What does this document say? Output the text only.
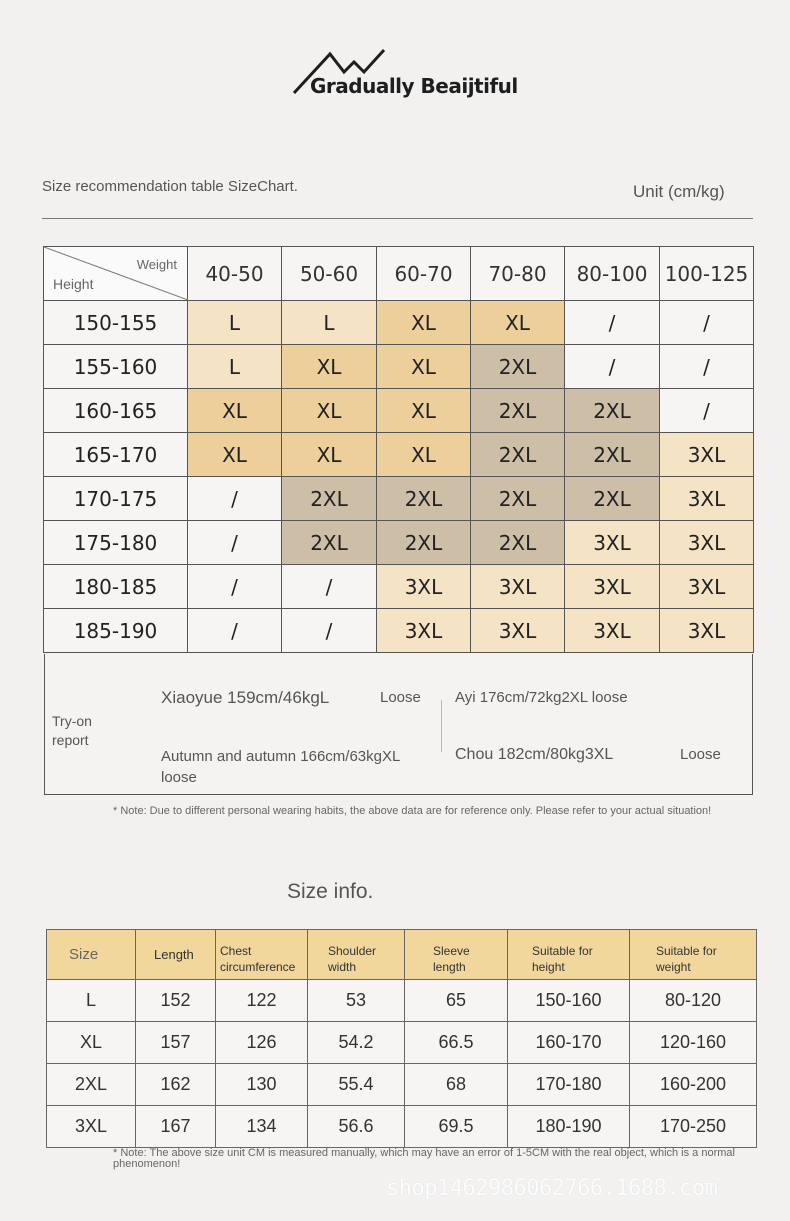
Gradually Beaijtiful
Size recommendation table SizeChart.	Unit (cm/kg)
Weight
Height	40-50	50-60	60-70	70-80	80-100	100-125
150-155	L	L	XL	XL	/	/
155-160	L	XL	XL	2XL	/	/
160-165	XL	XL	XL	2XL	2XL	/
165-170	XL	XL	XL	2XL	2XL	3XL
170-175	/	2XL	2XL	2XL	2XL	3XL
175-180	/	2XL	2XL	2XL	3XL	3XL
180-185	/	/	3XL	3XL	3XL	3XL
185-190	/	/	3XL	3XL	3XL	3XL
Try-on report
Xiaoyue 159cm/46kgL	Loose Ayi 176cm/72kg2XL loose
Autumn and autumn 166cm/63kgXL loose
Chou 182cm/80kg3XL	Loose
* Note: Due to different personal wearing habits, the above data are for reference only. Please refer to your actual situation!
Size info.
Size	Length	Chest circumference	Shoulder width	Sleeve length	Suitable for height	Suitable for weight
L	152	122	53	65	150-160	80-120
XL	157	126	54.2	66.5	160-170	120-160
2XL	162	130	55.4	68	170-180	160-200
3XL	167	134	56.6	69.5	180-190	170-250
* Note: The above size unit CM is measured manually, which may have an error of 1-5CM with the real object, which is a normal phenomenon!
shop1462986062766.1688.com
